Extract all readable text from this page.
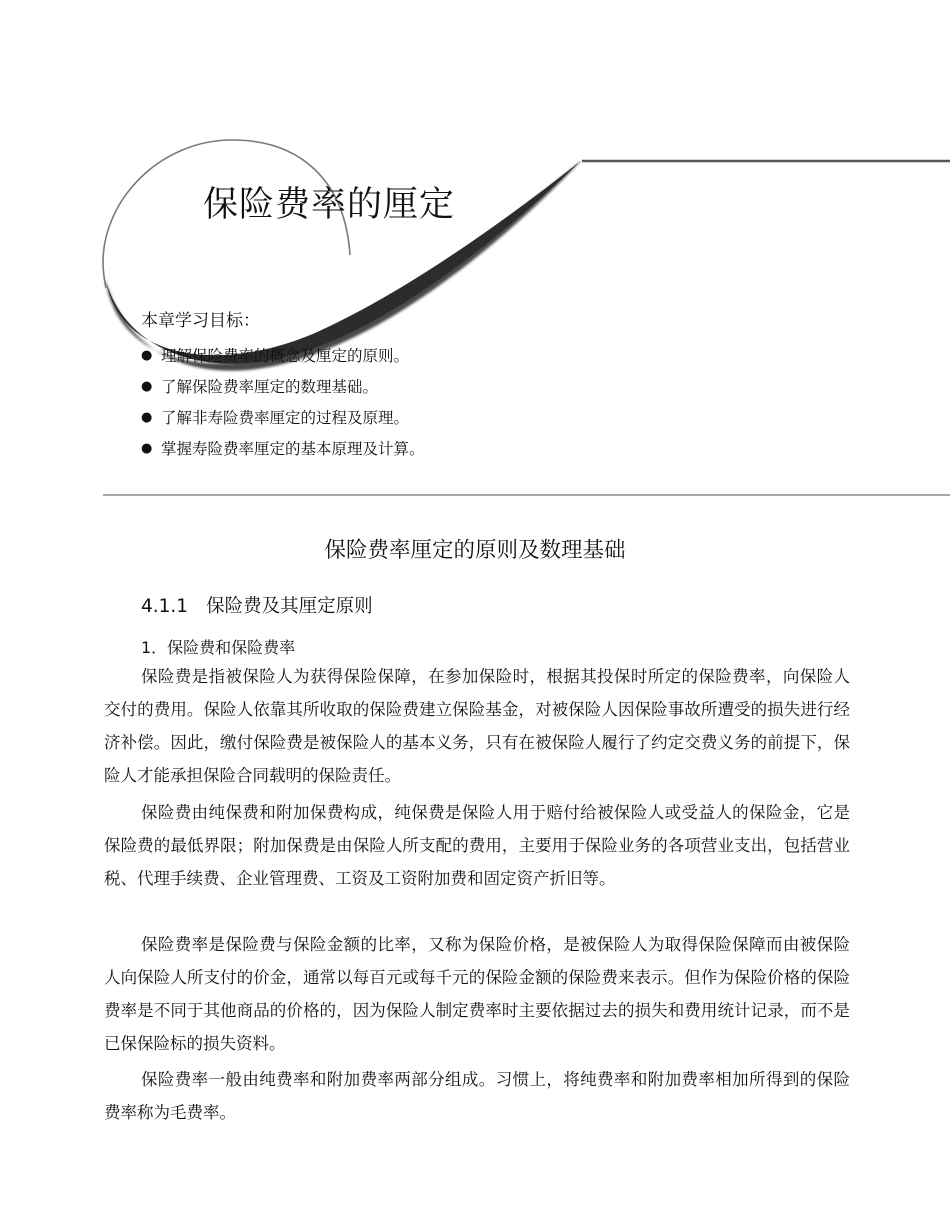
保险费率的厘定
本章学习目标：
● 理解保险费率的概念及厘定的原则。
● 了解保险费率厘定的数理基础。
● 了解非寿险费率厘定的过程及原理。
● 掌握寿险费率厘定的基本原理及计算。
保险费率厘定的原则及数理基础
4.1.1 保险费及其厘定原则
1．保险费和保险费率

保险费是指被保险人为获得保险保障，在参加保险时，根据其投保时所定的保险费率，向保险人交付的费用。保险人依靠其所收取的保险费建立保险基金，对被保险人因保险事故所遭受的损失进行经济补偿。因此，缴付保险费是被保险人的基本义务，只有在被保险人履行了约定交费义务的前提下，保险人才能承担保险合同载明的保险责任。

保险费由纯保费和附加保费构成，纯保费是保险人用于赔付给被保险人或受益人的保险金，它是保险费的最低界限；附加保费是由保险人所支配的费用，主要用于保险业务的各项营业支出，包括营业税、代理手续费、企业管理费、工资及工资附加费和固定资产折旧等。

保险费率是保险费与保险金额的比率，又称为保险价格，是被保险人为取得保险保障而由被保险人向保险人所支付的价金，通常以每百元或每千元的保险金额的保险费来表示。但作为保险价格的保险费率是不同于其他商品的价格的，因为保险人制定费率时主要依据过去的损失和费用统计记录，而不是已保保险标的损失资料。

保险费率一般由纯费率和附加费率两部分组成。习惯上，将纯费率和附加费率相加所得到的保险费率称为毛费率。
